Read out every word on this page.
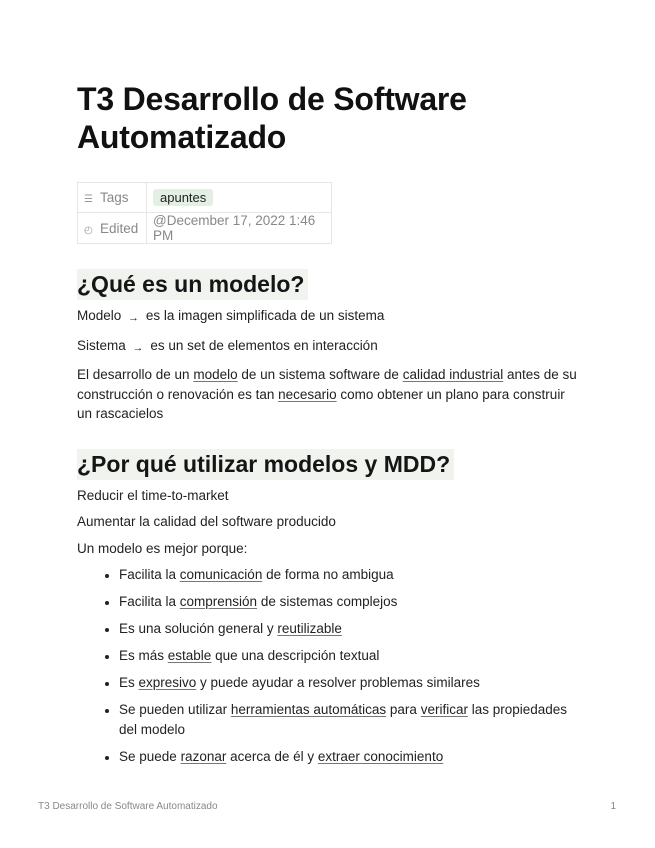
T3 Desarrollo de Software Automatizado
☰ Tags	apuntes
◴ Edited	@December 17, 2022 1:46 PM
¿Qué es un modelo?

Modelo → es la imagen simplificada de un sistema

Sistema → es un set de elementos en interacción

El desarrollo de un modelo de un sistema software de calidad industrial antes de su construcción o renovación es tan necesario como obtener un plano para construir un rascacielos

¿Por qué utilizar modelos y MDD?

Reducir el time-to-market

Aumentar la calidad del software producido

Un modelo es mejor porque:

• Facilita la comunicación de forma no ambigua
• Facilita la comprensión de sistemas complejos
• Es una solución general y reutilizable
• Es más estable que una descripción textual
• Es expresivo y puede ayudar a resolver problemas similares
• Se pueden utilizar herramientas automáticas para verificar las propiedades del modelo
• Se puede razonar acerca de él y extraer conocimiento
T3 Desarrollo de Software Automatizado	1
